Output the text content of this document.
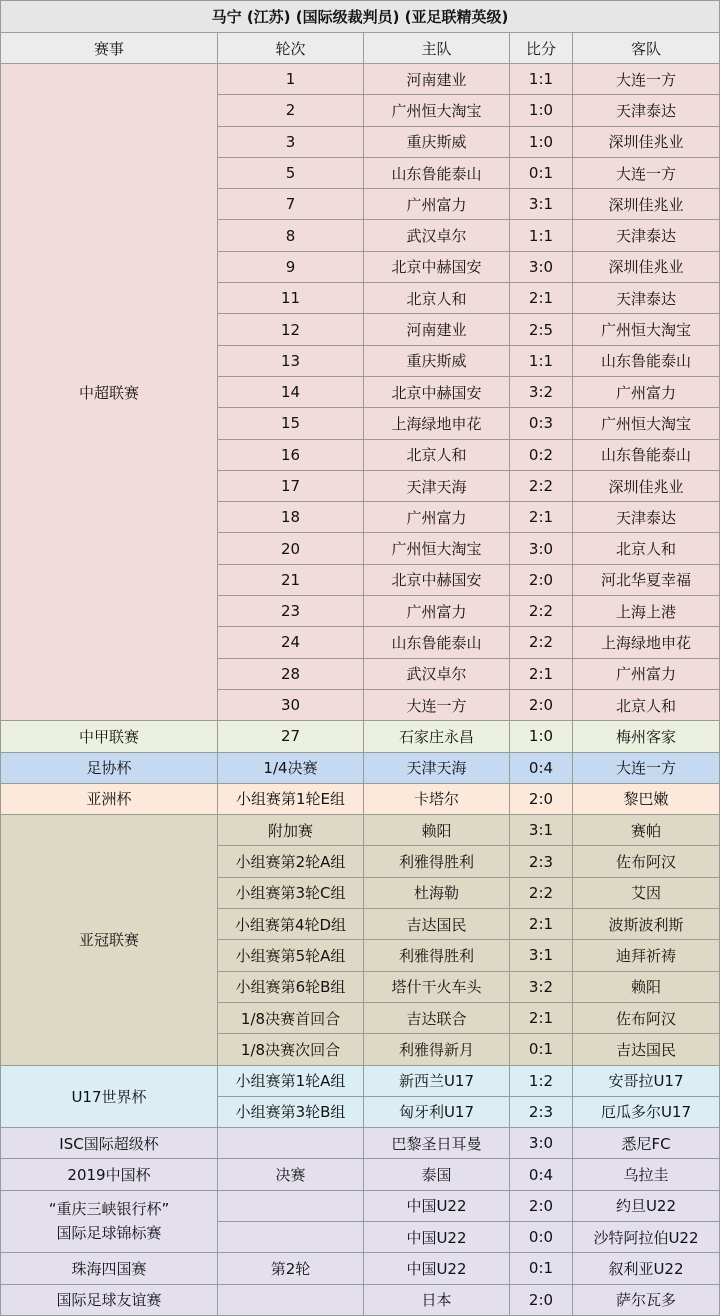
马宁 (江苏) (国际级裁判员) (亚足联精英级)				
赛事	轮次	主队	比分	客队
中超联赛	1	河南建业	1:1	大连一方
	2	广州恒大淘宝	1:0	天津泰达
	3	重庆斯威	1:0	深圳佳兆业
	5	山东鲁能泰山	0:1	大连一方
	7	广州富力	3:1	深圳佳兆业
	8	武汉卓尔	1:1	天津泰达
	9	北京中赫国安	3:0	深圳佳兆业
	11	北京人和	2:1	天津泰达
	12	河南建业	2:5	广州恒大淘宝
	13	重庆斯威	1:1	山东鲁能泰山
	14	北京中赫国安	3:2	广州富力
	15	上海绿地申花	0:3	广州恒大淘宝
	16	北京人和	0:2	山东鲁能泰山
	17	天津天海	2:2	深圳佳兆业
	18	广州富力	2:1	天津泰达
	20	广州恒大淘宝	3:0	北京人和
	21	北京中赫国安	2:0	河北华夏幸福
	23	广州富力	2:2	上海上港
	24	山东鲁能泰山	2:2	上海绿地申花
	28	武汉卓尔	2:1	广州富力
	30	大连一方	2:0	北京人和
中甲联赛	27	石家庄永昌	1:0	梅州客家
足协杯	1/4决赛	天津天海	0:4	大连一方
亚洲杯	小组赛第1轮E组	卡塔尔	2:0	黎巴嫩
亚冠联赛	附加赛	赖阳	3:1	赛帕
	小组赛第2轮A组	利雅得胜利	2:3	佐布阿汉
	小组赛第3轮C组	杜海勒	2:2	艾因
	小组赛第4轮D组	吉达国民	2:1	波斯波利斯
	小组赛第5轮A组	利雅得胜利	3:1	迪拜祈祷
	小组赛第6轮B组	塔什干火车头	3:2	赖阳
	1/8决赛首回合	吉达联合	2:1	佐布阿汉
	1/8决赛次回合	利雅得新月	0:1	吉达国民
U17世界杯	小组赛第1轮A组	新西兰U17	1:2	安哥拉U17
	小组赛第3轮B组	匈牙利U17	2:3	厄瓜多尔U17
ISC国际超级杯		巴黎圣日耳曼	3:0	悉尼FC
2019中国杯	决赛	泰国	0:4	乌拉圭
“重庆三峡银行杯”
国际足球锦标赛		中国U22	2:0	约旦U22
		中国U22	0:0	沙特阿拉伯U22
珠海四国赛	第2轮	中国U22	0:1	叙利亚U22
国际足球友谊赛		日本	2:0	萨尔瓦多
